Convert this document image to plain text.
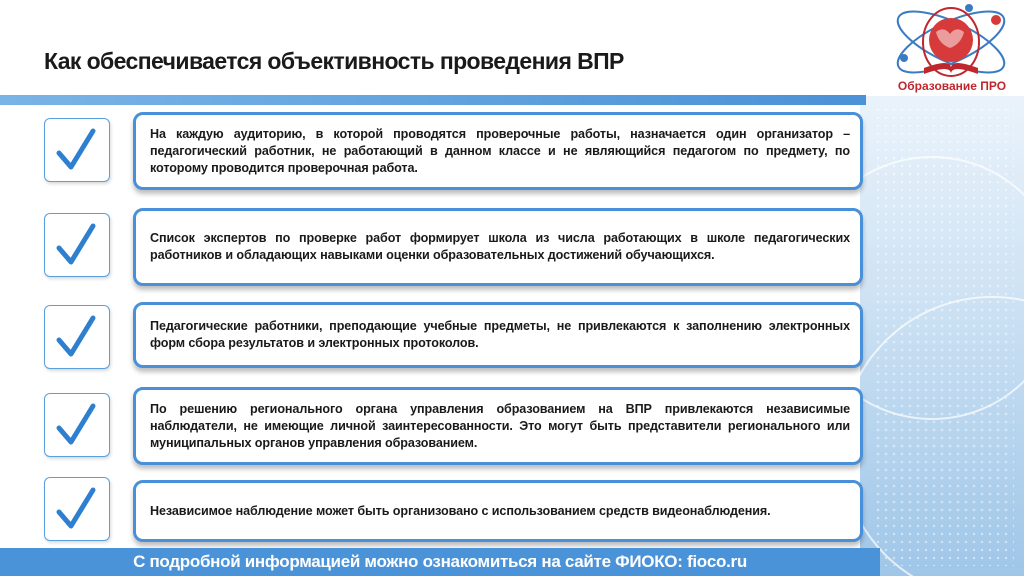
Как обеспечивается объективность проведения ВПР
Образование ПРО

На каждую аудиторию, в которой проводятся проверочные работы, назначается один организатор – педагогический работник, не работающий в данном классе и не являющийся педагогом по предмету, по которому проводится проверочная работа.

Список экспертов по проверке работ формирует школа из числа работающих в школе педагогических работников и обладающих навыками оценки образовательных достижений обучающихся.

Педагогические работники, преподающие учебные предметы, не привлекаются к заполнению электронных форм сбора результатов и электронных протоколов.

По решению регионального органа управления образованием на ВПР привлекаются независимые наблюдатели, не имеющие личной заинтересованности. Это могут быть представители регионального или муниципальных органов управления образованием.

Независимое наблюдение может быть организовано с использованием средств видеонаблюдения.

С подробной информацией можно ознакомиться на сайте ФИОКО: fioco.ru
